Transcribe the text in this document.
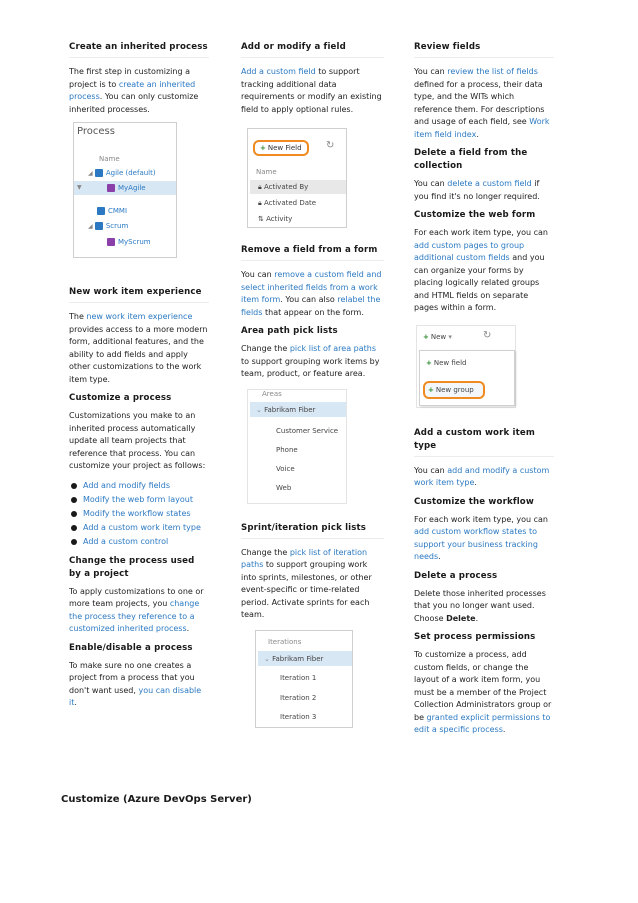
Create an inherited process

The first step in customizing a project is to create an inherited process. You can only customize inherited processes.

Process
Name
◢ Agile (default)
▼	MyAgile
CMMI
◢ Scrum
MyScrum
New work item experience

The new work item experience provides access to a more modern form, additional features, and the ability to add fields and apply other customizations to the work item type.

Customize a process

Customizations you make to an inherited process automatically update all team projects that reference that process. You can customize your project as follows:

Add and modify fields
Modify the web form layout
Modify the workflow states
Add a custom work item type
Add a custom control
Change the process used by a project

To apply customizations to one or more team projects, you change the process they reference to a customized inherited process.

Enable/disable a process

To make sure no one creates a project from a process that you don't want used, you can disable it.

Add or modify a field

Add a custom field to support tracking additional data requirements or modify an existing field to apply optional rules.

+ New Field	↻
Name
🔒︎ Activated By
🔒︎ Activated Date
⇅ Activity
Remove a field from a form

You can remove a custom field and select inherited fields from a work item form. You can also relabel the fields that appear on the form.

Area path pick lists

Change the pick list of area paths to support grouping work items by team, product, or feature area.

Areas
⌄ Fabrikam Fiber
Customer Service
Phone
Voice
Web
Sprint/iteration pick lists

Change the pick list of iteration paths to support grouping work into sprints, milestones, or other event-specific or time-related period. Activate sprints for each team.

Iterations
⌄ Fabrikam Fiber
Iteration 1
Iteration 2
Iteration 3
Review fields

You can review the list of fields defined for a process, their data type, and the WITs which reference them. For descriptions and usage of each field, see Work item field index.

Delete a field from the collection

You can delete a custom field if you find it's no longer required.

Customize the web form

For each work item type, you can add custom pages to group additional custom fields and you can organize your forms by placing logically related groups and HTML fields on separate pages within a form.

+ New ▾	↻
+ New field
+ New group
Add a custom work item type

You can add and modify a custom work item type.

Customize the workflow

For each work item type, you can add custom workflow states to support your business tracking needs.

Delete a process

Delete those inherited processes that you no longer want used. Choose Delete.

Set process permissions

To customize a process, add custom fields, or change the layout of a work item form, you must be a member of the Project Collection Administrators group or be granted explicit permissions to edit a specific process.

Customize (Azure DevOps Server)
